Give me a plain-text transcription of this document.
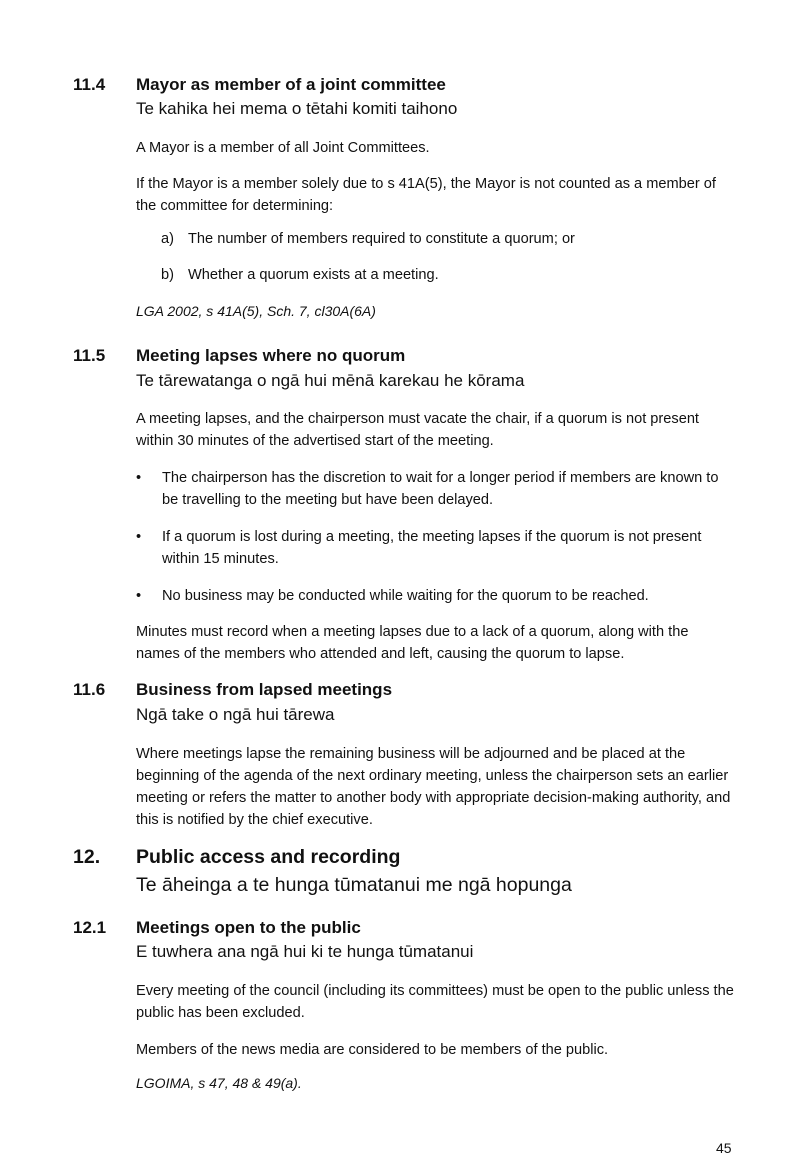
11.4 Mayor as member of a joint committee
Te kahika hei mema o tētahi komiti taihono
A Mayor is a member of all Joint Committees.
If the Mayor is a member solely due to s 41A(5), the Mayor is not counted as a member of the committee for determining:
a) The number of members required to constitute a quorum; or
b) Whether a quorum exists at a meeting.
LGA 2002, s 41A(5), Sch. 7, cl30A(6A)
11.5 Meeting lapses where no quorum
Te tārewatanga o ngā hui mēnā karekau he kōrama
A meeting lapses, and the chairperson must vacate the chair, if a quorum is not present within 30 minutes of the advertised start of the meeting.
• The chairperson has the discretion to wait for a longer period if members are known to be travelling to the meeting but have been delayed.
• If a quorum is lost during a meeting, the meeting lapses if the quorum is not present within 15 minutes.
• No business may be conducted while waiting for the quorum to be reached.
Minutes must record when a meeting lapses due to a lack of a quorum, along with the names of the members who attended and left, causing the quorum to lapse.
11.6 Business from lapsed meetings
Ngā take o ngā hui tārewa
Where meetings lapse the remaining business will be adjourned and be placed at the beginning of the agenda of the next ordinary meeting, unless the chairperson sets an earlier meeting or refers the matter to another body with appropriate decision-making authority, and this is notified by the chief executive.
12. Public access and recording
Te āheinga a te hunga tūmatanui me ngā hopunga
12.1 Meetings open to the public
E tuwhera ana ngā hui ki te hunga tūmatanui
Every meeting of the council (including its committees) must be open to the public unless the public has been excluded.
Members of the news media are considered to be members of the public.
LGOIMA, s 47, 48 & 49(a).
45
